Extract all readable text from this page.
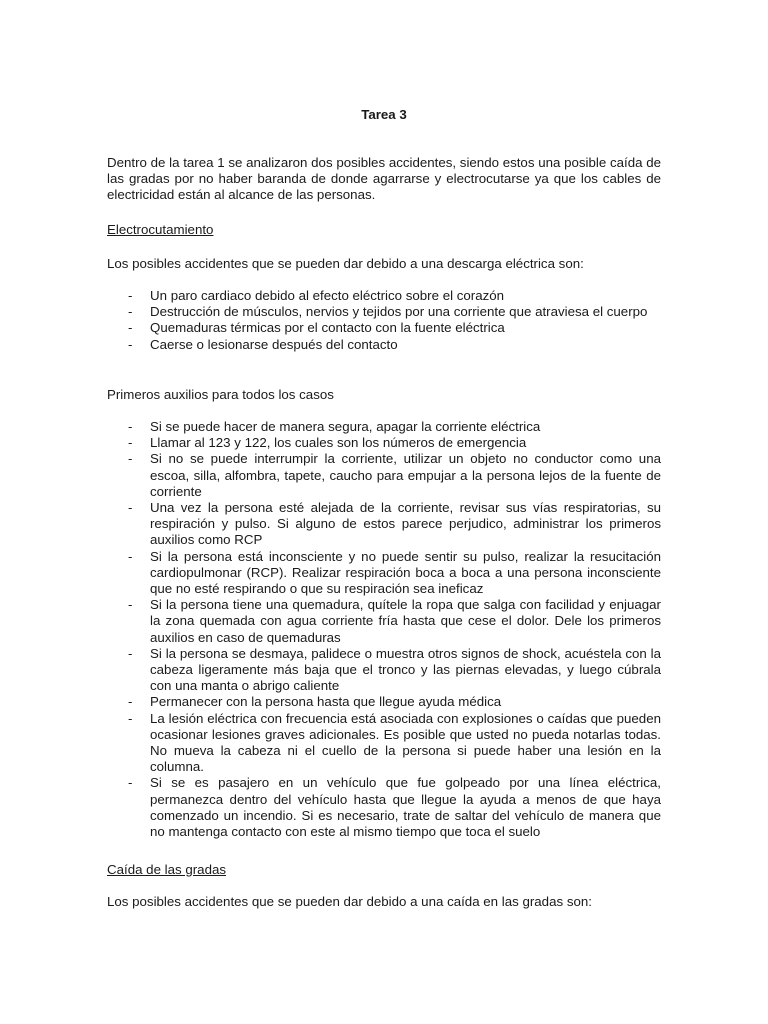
Tarea 3
Dentro de la tarea 1 se analizaron dos posibles accidentes, siendo estos una posible caída de las gradas por no haber baranda de donde agarrarse y electrocutarse ya que los cables de electricidad están al alcance de las personas.
Electrocutamiento
Los posibles accidentes que se pueden dar debido a una descarga eléctrica son:
- Un paro cardiaco debido al efecto eléctrico sobre el corazón
- Destrucción de músculos, nervios y tejidos por una corriente que atraviesa el cuerpo
- Quemaduras térmicas por el contacto con la fuente eléctrica
- Caerse o lesionarse después del contacto
Primeros auxilios para todos los casos
- Si se puede hacer de manera segura, apagar la corriente eléctrica
- Llamar al 123 y 122, los cuales son los números de emergencia
- Si no se puede interrumpir la corriente, utilizar un objeto no conductor como una escoa, silla, alfombra, tapete, caucho para empujar a la persona lejos de la fuente de corriente
- Una vez la persona esté alejada de la corriente, revisar sus vías respiratorias, su respiración y pulso. Si alguno de estos parece perjudico, administrar los primeros auxilios como RCP
- Si la persona está inconsciente y no puede sentir su pulso, realizar la resucitación cardiopulmonar (RCP). Realizar respiración boca a boca a una persona inconsciente que no esté respirando o que su respiración sea ineficaz
- Si la persona tiene una quemadura, quítele la ropa que salga con facilidad y enjuagar la zona quemada con agua corriente fría hasta que cese el dolor. Dele los primeros auxilios en caso de quemaduras
- Si la persona se desmaya, palidece o muestra otros signos de shock, acuéstela con la cabeza ligeramente más baja que el tronco y las piernas elevadas, y luego cúbrala con una manta o abrigo caliente
- Permanecer con la persona hasta que llegue ayuda médica
- La lesión eléctrica con frecuencia está asociada con explosiones o caídas que pueden ocasionar lesiones graves adicionales. Es posible que usted no pueda notarlas todas. No mueva la cabeza ni el cuello de la persona si puede haber una lesión en la columna.
- Si se es pasajero en un vehículo que fue golpeado por una línea eléctrica, permanezca dentro del vehículo hasta que llegue la ayuda a menos de que haya comenzado un incendio. Si es necesario, trate de saltar del vehículo de manera que no mantenga contacto con este al mismo tiempo que toca el suelo
Caída de las gradas
Los posibles accidentes que se pueden dar debido a una caída en las gradas son:
